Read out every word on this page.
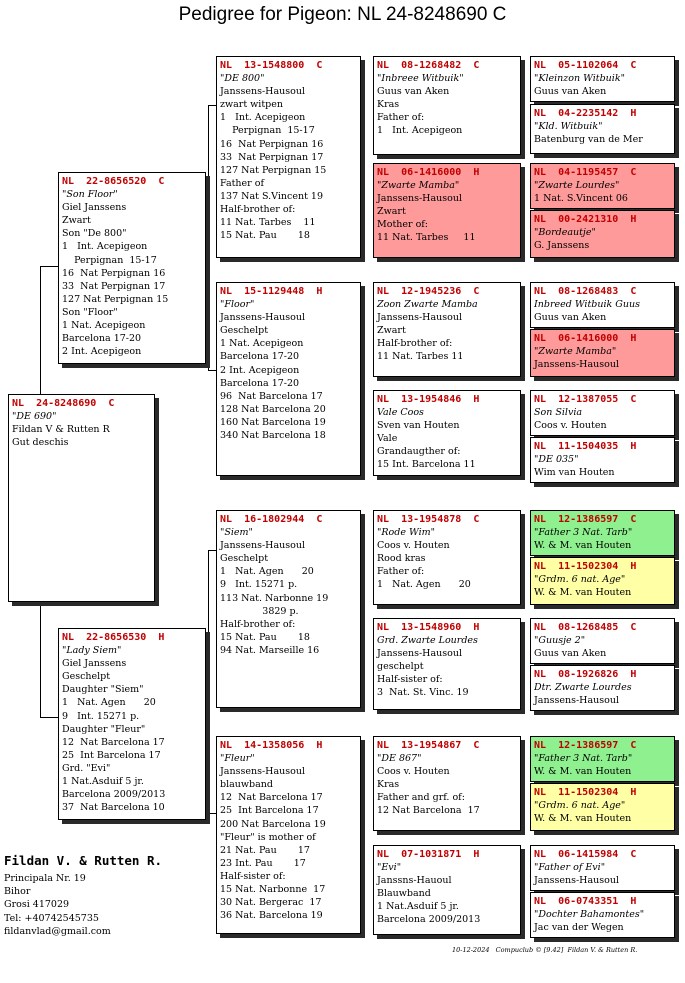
Pedigree for Pigeon: NL 24-8248690 C
NL  24-8248690  C
"DE 690"
Fildan V & Rutten R
Gut deschis
NL  22-8656520  C
"Son Floor"
Giel Janssens
Zwart
Son "De 800"
1   Int. Acepigeon
Perpignan  15-17
16  Nat Perpignan 16
33  Nat Perpignan 17
127 Nat Perpignan 15
Son "Floor"
1 Nat. Acepigeon
Barcelona 17-20
2 Int. Acepigeon
NL  22-8656530  H
"Lady Siem"
Giel Janssens
Geschelpt
Daughter "Siem"
1   Nat. Agen      20
9   Int. 15271 p.
Daughter "Fleur"
12  Nat Barcelona 17
25  Int Barcelona 17
Grd. "Evi"
1 Nat.Asduif 5 jr.
Barcelona 2009/2013
37  Nat Barcelona 10
NL  13-1548800  C
"DE 800"
Janssens-Hausoul
zwart witpen
1   Int. Acepigeon
Perpignan  15-17
16  Nat Perpignan 16
33  Nat Perpignan 17
127 Nat Perpignan 15
Father of
137 Nat S.Vincent 19
Half-brother of:
11 Nat. Tarbes    11
15 Nat. Pau       18
NL  15-1129448  H
"Floor"
Janssens-Hausoul
Geschelpt
1 Nat. Acepigeon
Barcelona 17-20
2 Int. Acepigeon
Barcelona 17-20
96  Nat Barcelona 17
128 Nat Barcelona 20
160 Nat Barcelona 19
340 Nat Barcelona 18
NL  16-1802944  C
"Siem"
Janssens-Hausoul
Geschelpt
1   Nat. Agen      20
9   Int. 15271 p.
113 Nat. Narbonne 19
3829 p.
Half-brother of:
15 Nat. Pau       18
94 Nat. Marseille 16
NL  14-1358056  H
"Fleur"
Janssens-Hausoul
blauwband
12  Nat Barcelona 17
25  Int Barcelona 17
200 Nat Barcelona 19
"Fleur" is mother of
21 Nat. Pau       17
23 Int. Pau       17
Half-sister of:
15 Nat. Narbonne  17
30 Nat. Bergerac  17
36 Nat. Barcelona 19
NL  08-1268482  C
"Inbreee Witbuik"
Guus van Aken
Kras
Father of:
1   Int. Acepigeon
NL  06-1416000  H
"Zwarte Mamba"
Janssens-Hausoul
Zwart
Mother of:
11 Nat. Tarbes     11
NL  12-1945236  C
Zoon Zwarte Mamba
Janssens-Hausoul
Zwart
Half-brother of:
11 Nat. Tarbes 11
NL  13-1954846  H
Vale Coos
Sven van Houten
Vale
Grandaugther of:
15 Int. Barcelona 11
NL  13-1954878  C
"Rode Wim"
Coos v. Houten
Rood kras
Father of:
1   Nat. Agen      20
NL  13-1548960  H
Grd. Zwarte Lourdes
Janssens-Hausoul
geschelpt
Half-sister of:
3  Nat. St. Vinc. 19
NL  13-1954867  C
"DE 867"
Coos v. Houten
Kras
Father and grf. of:
12 Nat Barcelona  17
NL  07-1031871  H
"Evi"
Janssns-Hauoul
Blauwband
1 Nat.Asduif 5 jr.
Barcelona 2009/2013
NL  05-1102064  C
"Kleinzon Witbuik"
Guus van Aken
NL  04-2235142  H
"Kld. Witbuik"
Batenburg van de Mer
NL  04-1195457  C
"Zwarte Lourdes"
1 Nat. S.Vincent 06
NL  00-2421310  H
"Bordeautje"
G. Janssens
NL  08-1268483  C
Inbreed Witbuik Guus
Guus van Aken
NL  06-1416000  H
"Zwarte Mamba"
Janssens-Hausoul
NL  12-1387055  C
Son Silvia
Coos v. Houten
NL  11-1504035  H
"DE 035"
Wim van Houten
NL  12-1386597  C
"Father 3 Nat. Tarb"
W. & M. van Houten
NL  11-1502304  H
"Grdm. 6 nat. Age"
W. & M. van Houten
NL  08-1268485  C
"Guusje 2"
Guus van Aken
NL  08-1926826  H
Dtr. Zwarte Lourdes
Janssens-Hausoul
NL  12-1386597  C
"Father 3 Nat. Tarb"
W. & M. van Houten
NL  11-1502304  H
"Grdm. 6 nat. Age"
W. & M. van Houten
NL  06-1415984  C
"Father of Evi"
Janssens-Hausoul
NL  06-0743351  H
"Dochter Bahamontes"
Jac van der Wegen
Fildan V. & Rutten R.
Principala Nr. 19
Bihor
Grosi 417029
Tel: +40742545735
fildanvlad@gmail.com
10-12-2024   Compuclub © [9.42]  Fildan V. & Rutten R.
